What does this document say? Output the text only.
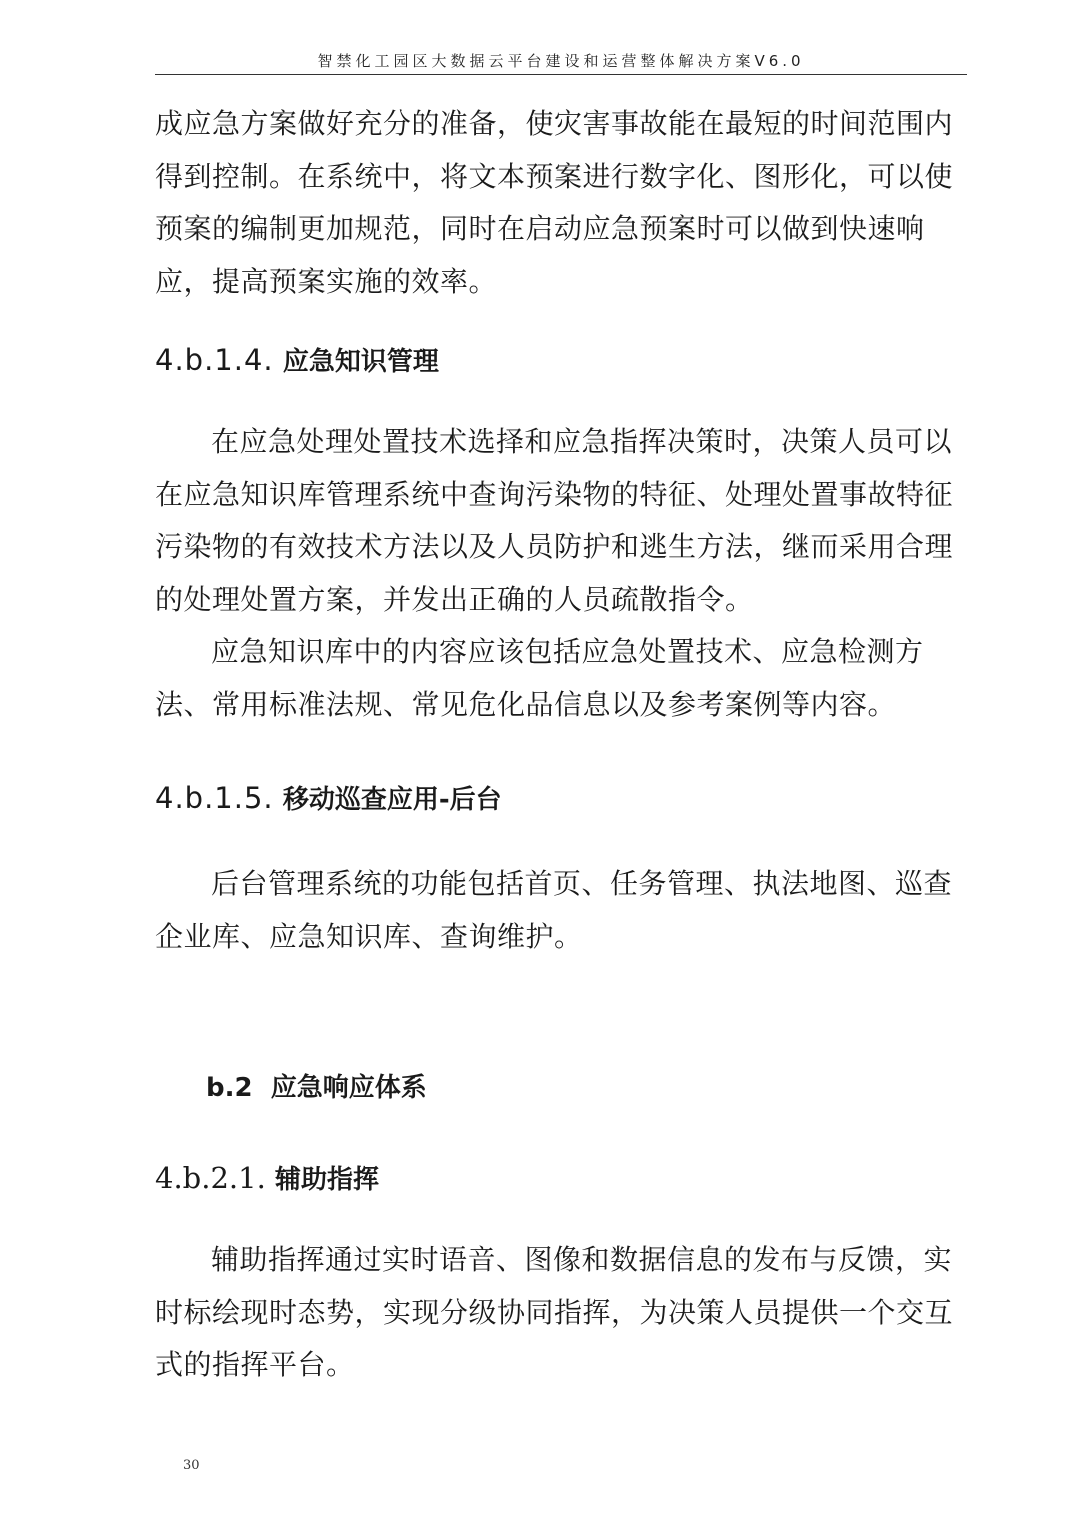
智禁化工园区大数据云平台建设和运营整体解决方案V6.0

成应急方案做好充分的准备，使灾害事故能在最短的时间范围内得到控制。在系统中，将文本预案进行数字化、图形化，可以使预案的编制更加规范，同时在启动应急预案时可以做到快速响应，提高预案实施的效率。

4.b.1.4. 应急知识管理

在应急处理处置技术选择和应急指挥决策时，决策人员可以在应急知识库管理系统中查询污染物的特征、处理处置事故特征污染物的有效技术方法以及人员防护和逃生方法，继而采用合理的处理处置方案，并发出正确的人员疏散指令。

应急知识库中的内容应该包括应急处置技术、应急检测方法、常用标准法规、常见危化品信息以及参考案例等内容。

4.b.1.5. 移动巡查应用-后台

后台管理系统的功能包括首页、任务管理、执法地图、巡查企业库、应急知识库、查询维护。

b.2 应急响应体系
4.b.2.1. 辅助指挥

辅助指挥通过实时语音、图像和数据信息的发布与反馈，实时标绘现时态势，实现分级协同指挥，为决策人员提供一个交互式的指挥平台。

30
